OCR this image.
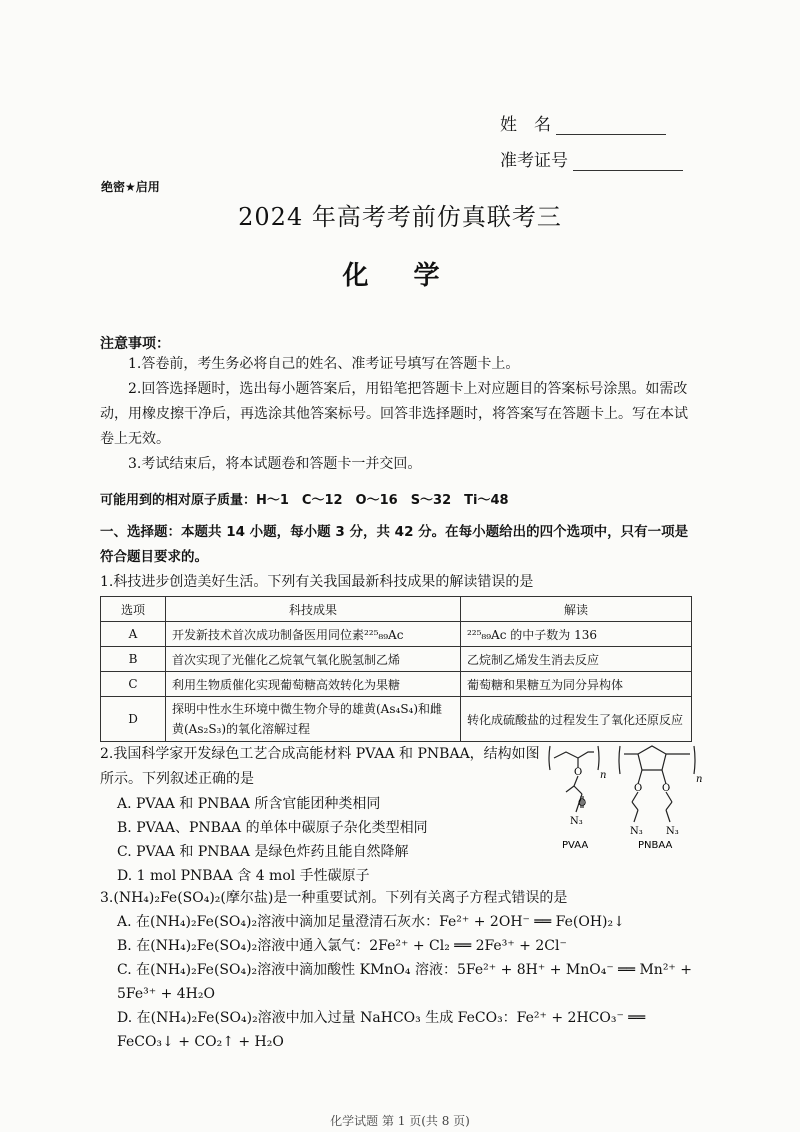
姓　名
准考证号
绝密★启用
2024 年高考考前仿真联考三
化 学
注意事项：
1.答卷前，考生务必将自己的姓名、准考证号填写在答题卡上。
2.回答选择题时，选出每小题答案后，用铅笔把答题卡上对应题目的答案标号涂黑。如需改动，用橡皮擦干净后，再选涂其他答案标号。回答非选择题时，将答案写在答题卡上。写在本试卷上无效。
3.考试结束后，将本试题卷和答题卡一并交回。
可能用到的相对原子质量：H～1　C～12　O～16　S～32　Ti～48
一、选择题：本题共 14 小题，每小题 3 分，共 42 分。在每小题给出的四个选项中，只有一项是符合题目要求的。
1.科技进步创造美好生活。下列有关我国最新科技成果的解读错误的是
选项	科技成果	解读
A	开发新技术首次成功制备医用同位素²²⁵₈₉Ac	²²⁵₈₉Ac 的中子数为 136
B	首次实现了光催化乙烷氧气氧化脱氢制乙烯	乙烷制乙烯发生消去反应
C	利用生物质催化实现葡萄糖高效转化为果糖	葡萄糖和果糖互为同分异构体
D	探明中性水生环境中微生物介导的雄黄(As₄S₄)和雌黄(As₂S₃)的氧化溶解过程	转化成硫酸盐的过程发生了氧化还原反应
2.我国科学家开发绿色工艺合成高能材料 PVAA 和 PNBAA，结构如图所示。下列叙述正确的是
A. PVAA 和 PNBAA 所含官能团种类相同
B. PVAA、PNBAA 的单体中碳原子杂化类型相同
C. PVAA 和 PNBAA 是绿色炸药且能自然降解
D. 1 mol PNBAA 含 4 mol 手性碳原子
n
O
O
N₃
n
O O
N₃ N₃
PVAA	PNBAA
3.(NH₄)₂Fe(SO₄)₂(摩尔盐)是一种重要试剂。下列有关离子方程式错误的是
A. 在(NH₄)₂Fe(SO₄)₂溶液中滴加足量澄清石灰水：Fe²⁺ + 2OH⁻ ══ Fe(OH)₂↓
B. 在(NH₄)₂Fe(SO₄)₂溶液中通入氯气：2Fe²⁺ + Cl₂ ══ 2Fe³⁺ + 2Cl⁻
C. 在(NH₄)₂Fe(SO₄)₂溶液中滴加酸性 KMnO₄ 溶液：5Fe²⁺ + 8H⁺ + MnO₄⁻ ══ Mn²⁺ + 5Fe³⁺ + 4H₂O
D. 在(NH₄)₂Fe(SO₄)₂溶液中加入过量 NaHCO₃ 生成 FeCO₃：Fe²⁺ + 2HCO₃⁻ ══ FeCO₃↓ + CO₂↑ + H₂O
化学试题 第 1 页(共 8 页)
